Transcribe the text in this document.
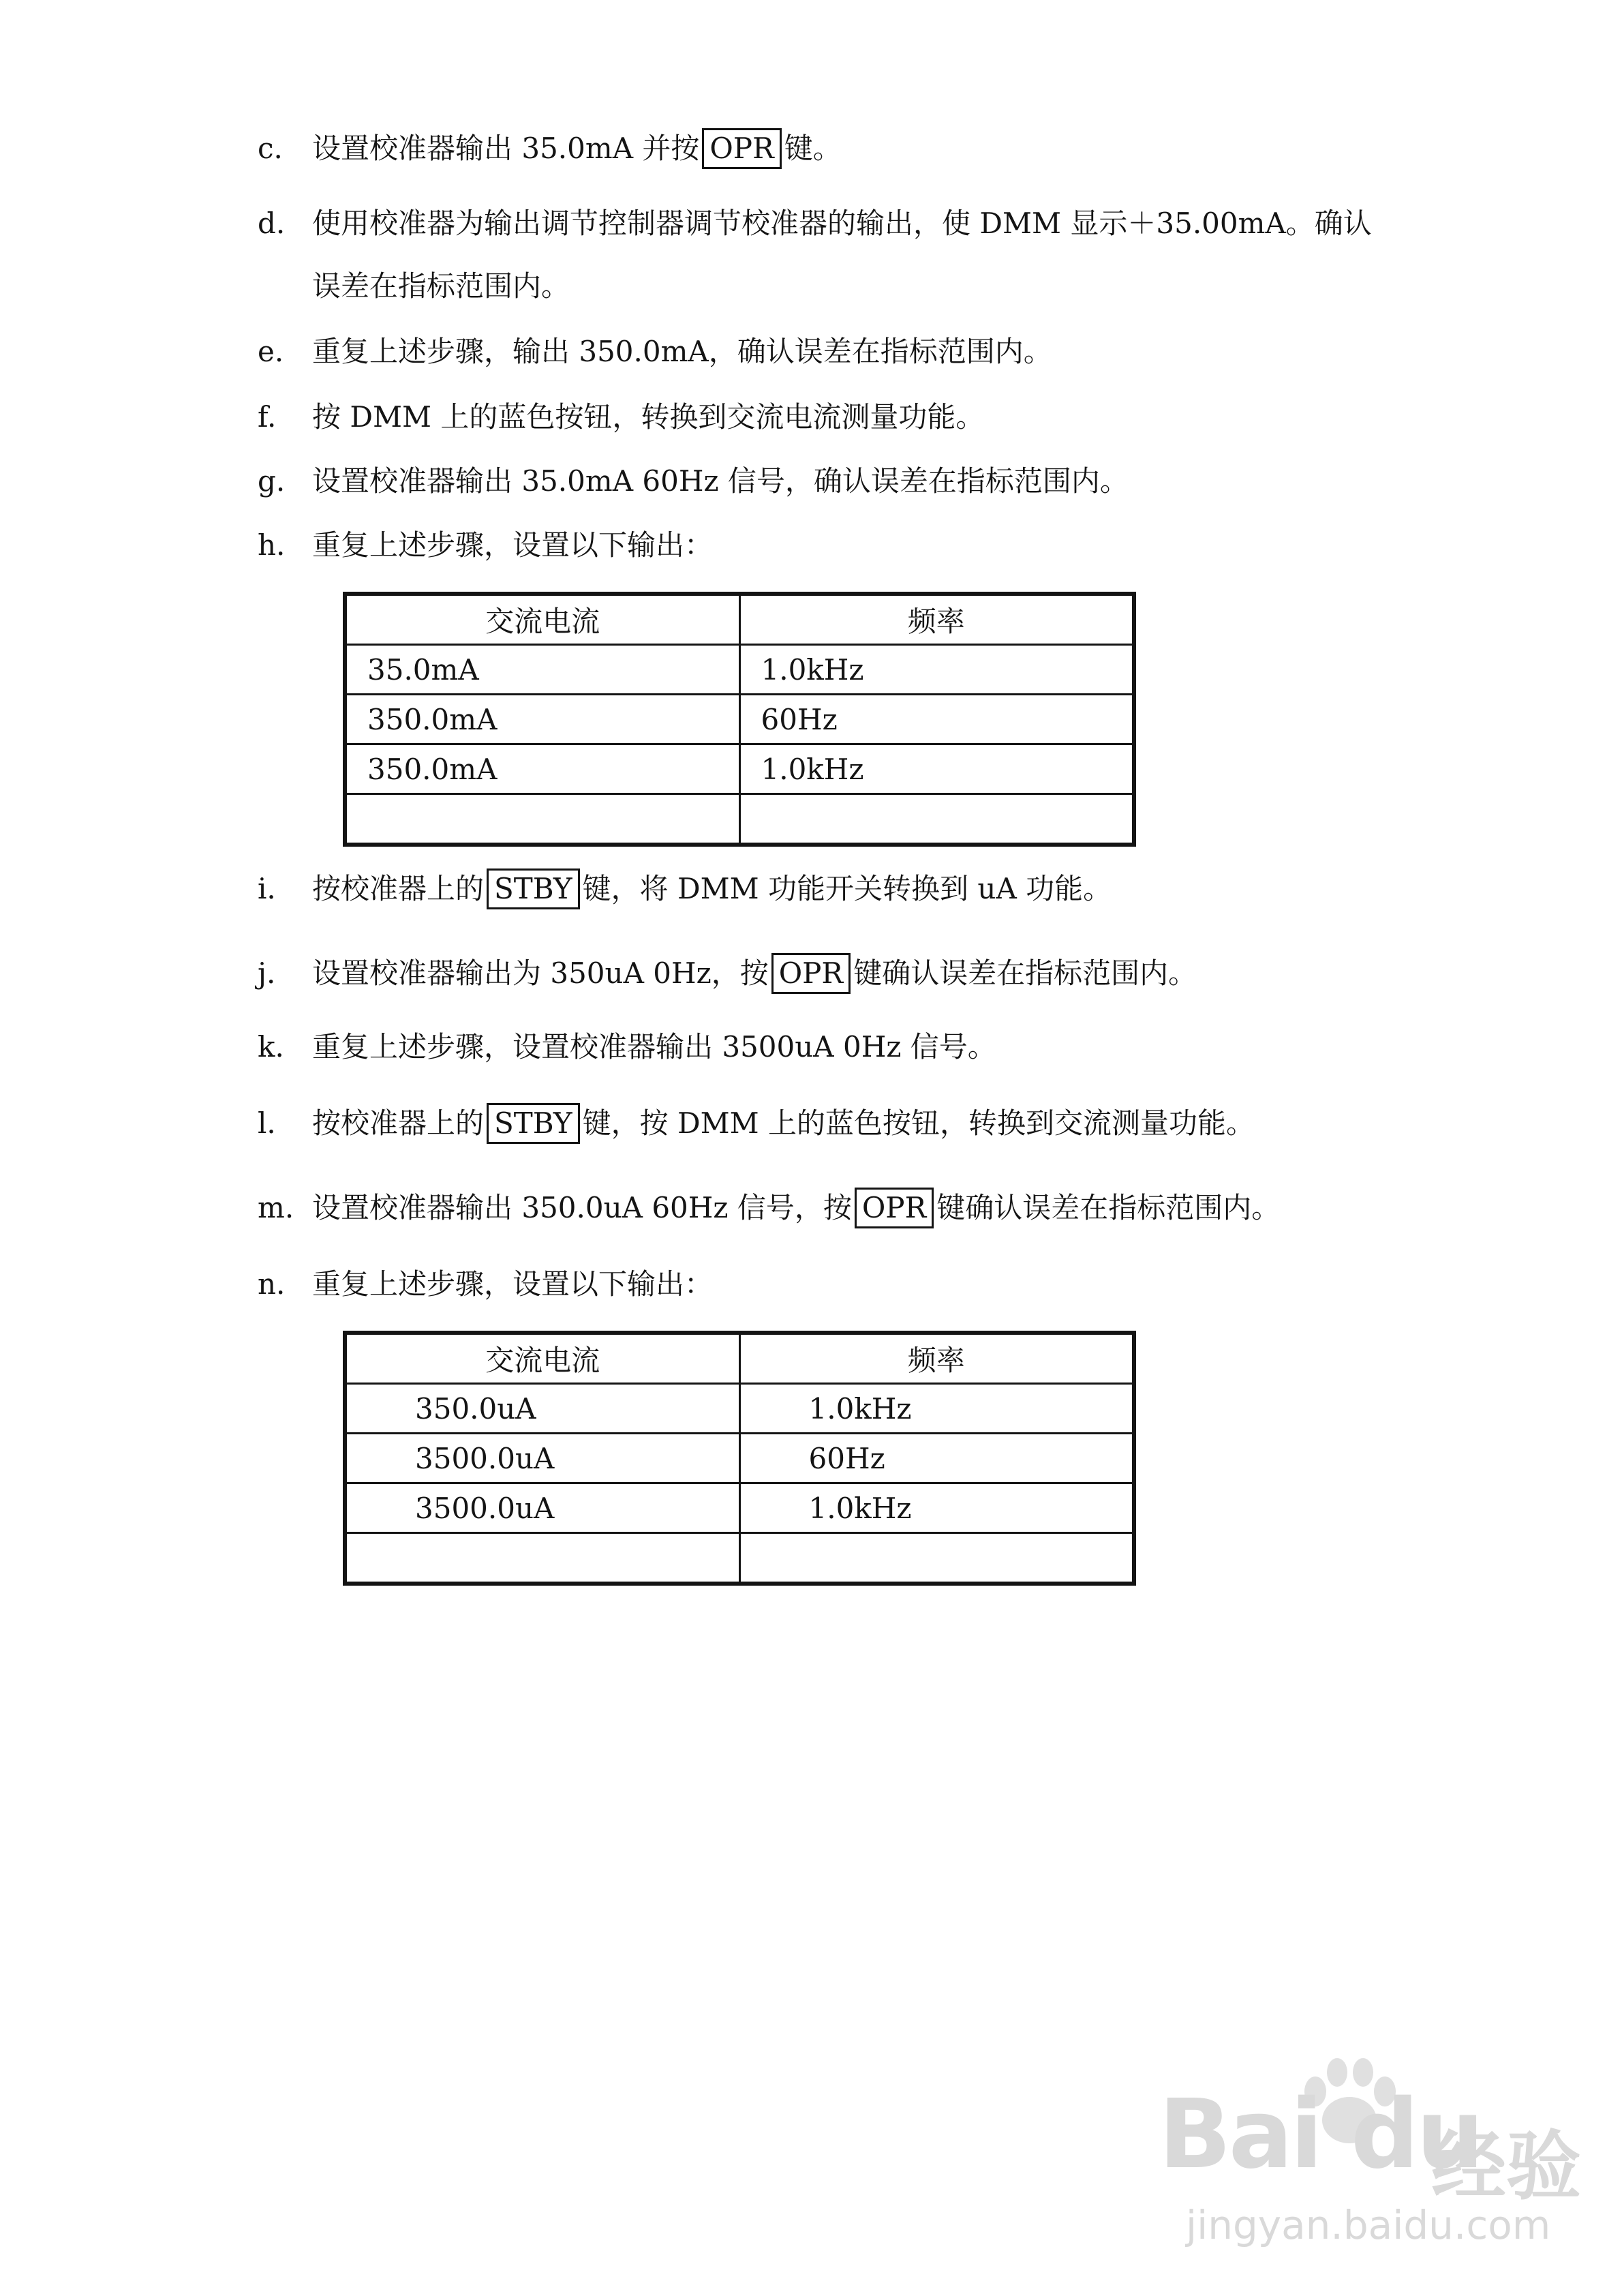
c. 设置校准器输出 35.0mA 并按 OPR 键。
d. 使用校准器为输出调节控制器调节校准器的输出，使 DMM 显示＋35.00mA。确认
误差在指标范围内。
e. 重复上述步骤，输出 350.0mA，确认误差在指标范围内。
f. 按 DMM 上的蓝色按钮，转换到交流电流测量功能。
g. 设置校准器输出 35.0mA 60Hz 信号，确认误差在指标范围内。
h. 重复上述步骤，设置以下输出：
交流电流	频率
35.0mA	1.0kHz
350.0mA	60Hz
350.0mA	1.0kHz

i. 按校准器上的 STBY 键，将 DMM 功能开关转换到 uA 功能。
j. 设置校准器输出为 350uA 0Hz，按 OPR 键确认误差在指标范围内。
k. 重复上述步骤，设置校准器输出 3500uA 0Hz 信号。
l. 按校准器上的 STBY 键，按 DMM 上的蓝色按钮，转换到交流测量功能。
m. 设置校准器输出 350.0uA 60Hz 信号，按 OPR 键确认误差在指标范围内。
n. 重复上述步骤，设置以下输出：
交流电流	频率
350.0uA	1.0kHz
3500.0uA	60Hz
3500.0uA	1.0kHz

Bai du
经验
jingyan.baidu.com
